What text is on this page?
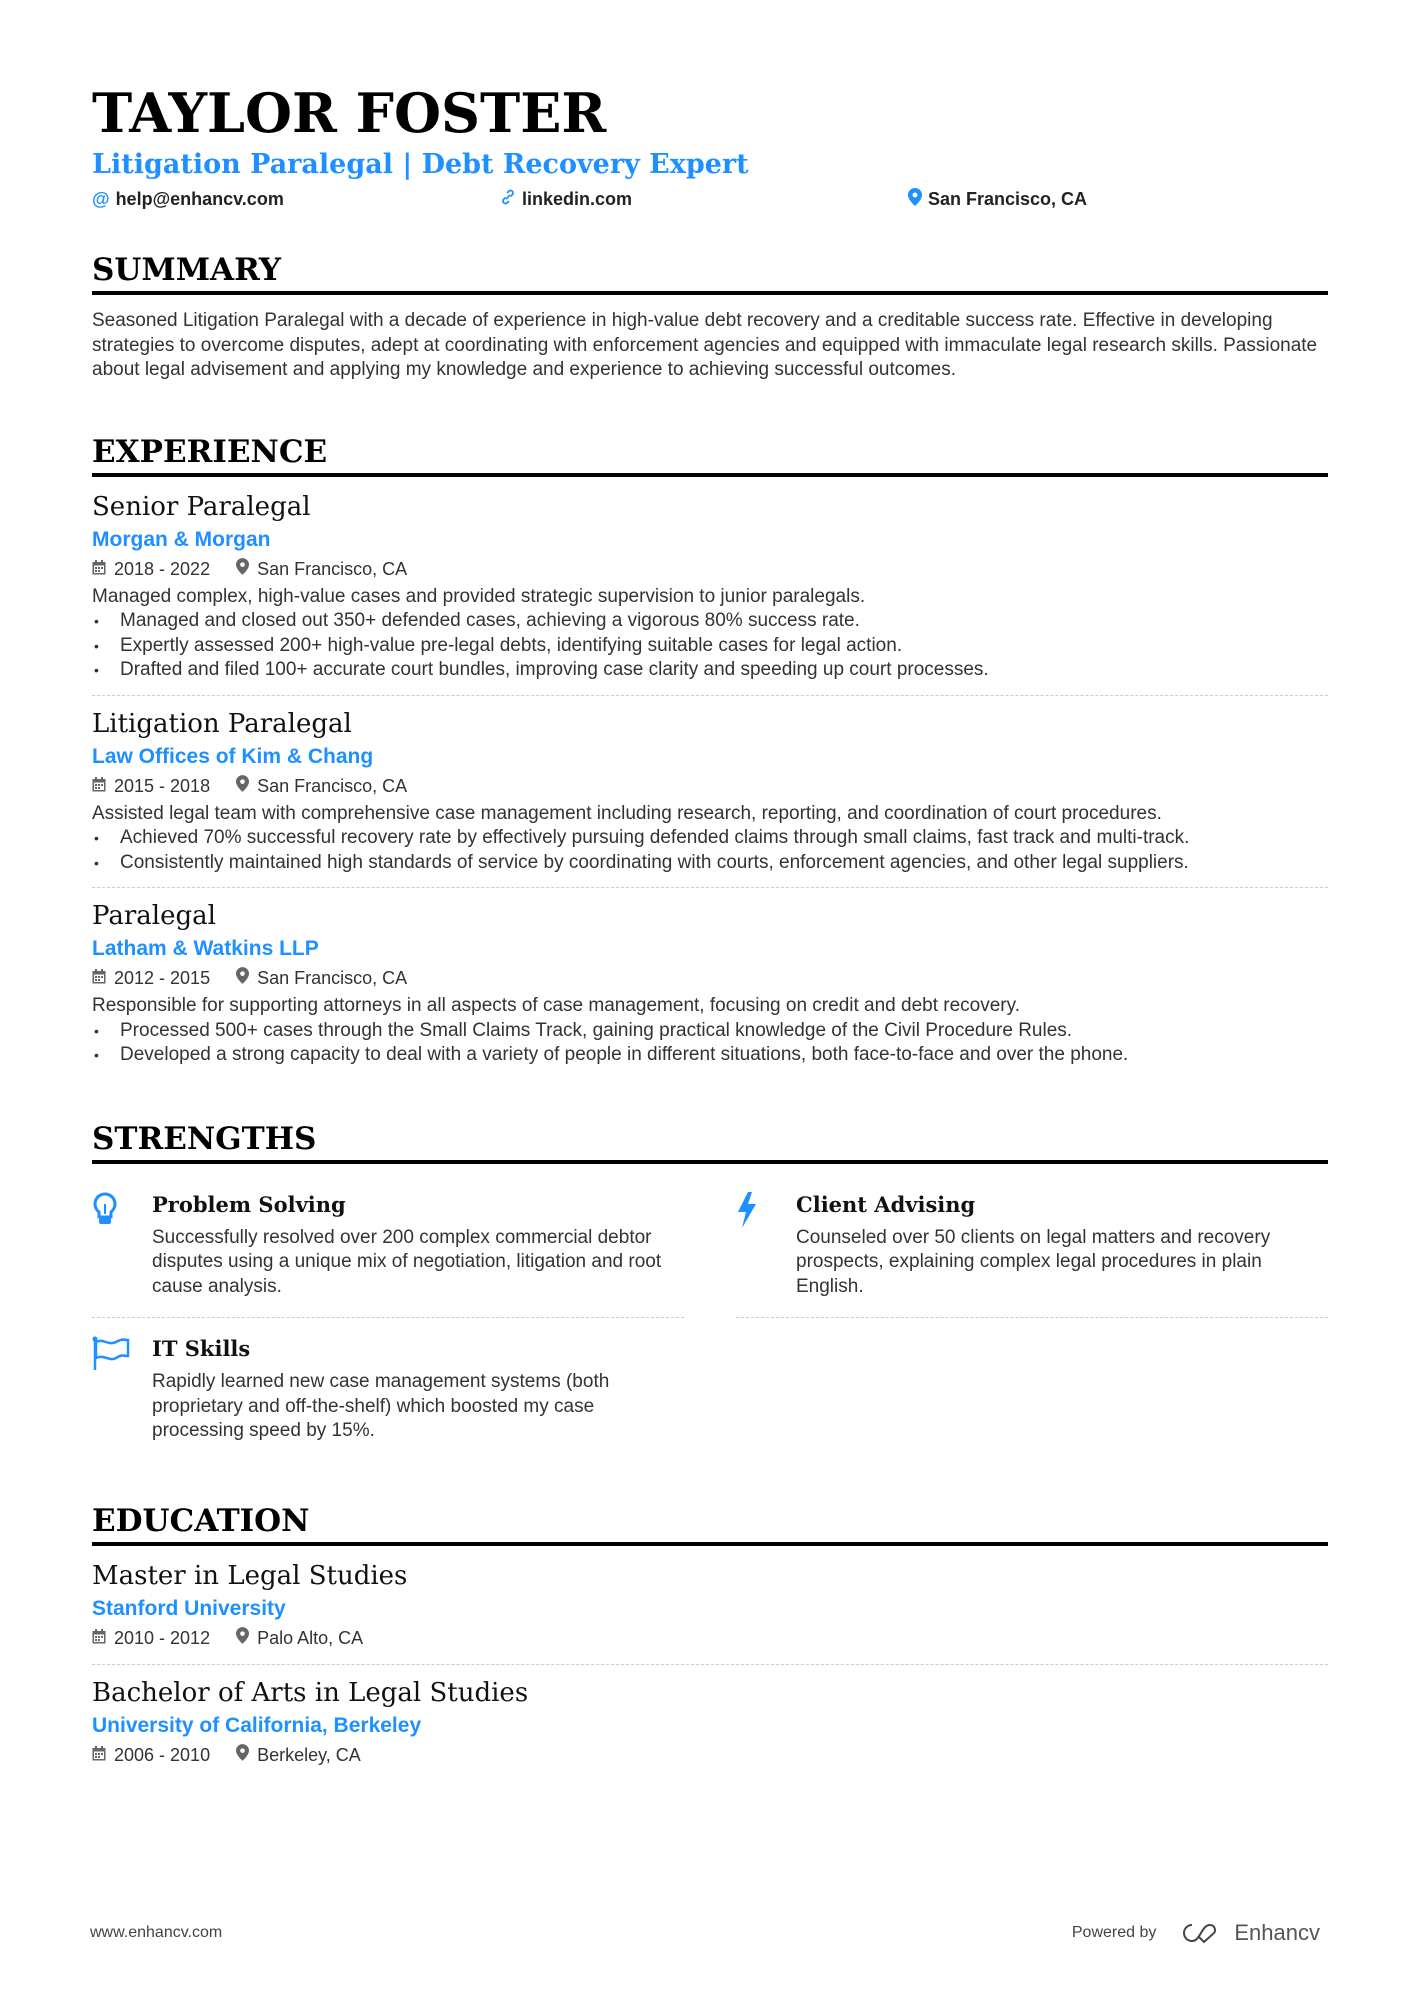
TAYLOR FOSTER
Litigation Paralegal | Debt Recovery Expert
@ help@enhancv.com	linkedin.com	San Francisco, CA
SUMMARY
Seasoned Litigation Paralegal with a decade of experience in high-value debt recovery and a creditable success rate. Effective in developing strategies to overcome disputes, adept at coordinating with enforcement agencies and equipped with immaculate legal research skills. Passionate about legal advisement and applying my knowledge and experience to achieving successful outcomes.
EXPERIENCE
Senior Paralegal
Morgan & Morgan
2018 - 2022	San Francisco, CA
Managed complex, high-value cases and provided strategic supervision to junior paralegals.
• Managed and closed out 350+ defended cases, achieving a vigorous 80% success rate.
• Expertly assessed 200+ high-value pre-legal debts, identifying suitable cases for legal action.
• Drafted and filed 100+ accurate court bundles, improving case clarity and speeding up court processes.
Litigation Paralegal
Law Offices of Kim & Chang
2015 - 2018	San Francisco, CA
Assisted legal team with comprehensive case management including research, reporting, and coordination of court procedures.
• Achieved 70% successful recovery rate by effectively pursuing defended claims through small claims, fast track and multi-track.
• Consistently maintained high standards of service by coordinating with courts, enforcement agencies, and other legal suppliers.
Paralegal
Latham & Watkins LLP
2012 - 2015	San Francisco, CA
Responsible for supporting attorneys in all aspects of case management, focusing on credit and debt recovery.
• Processed 500+ cases through the Small Claims Track, gaining practical knowledge of the Civil Procedure Rules.
• Developed a strong capacity to deal with a variety of people in different situations, both face-to-face and over the phone.
STRENGTHS
Problem Solving

Successfully resolved over 200 complex commercial debtor disputes using a unique mix of negotiation, litigation and root cause analysis.

Client Advising

Counseled over 50 clients on legal matters and recovery prospects, explaining complex legal procedures in plain English.

IT Skills

Rapidly learned new case management systems (both proprietary and off-the-shelf) which boosted my case processing speed by 15%.

EDUCATION
Master in Legal Studies
Stanford University
2010 - 2012	Palo Alto, CA
Bachelor of Arts in Legal Studies
University of California, Berkeley
2006 - 2010	Berkeley, CA
www.enhancv.com	Powered by	Enhancv
